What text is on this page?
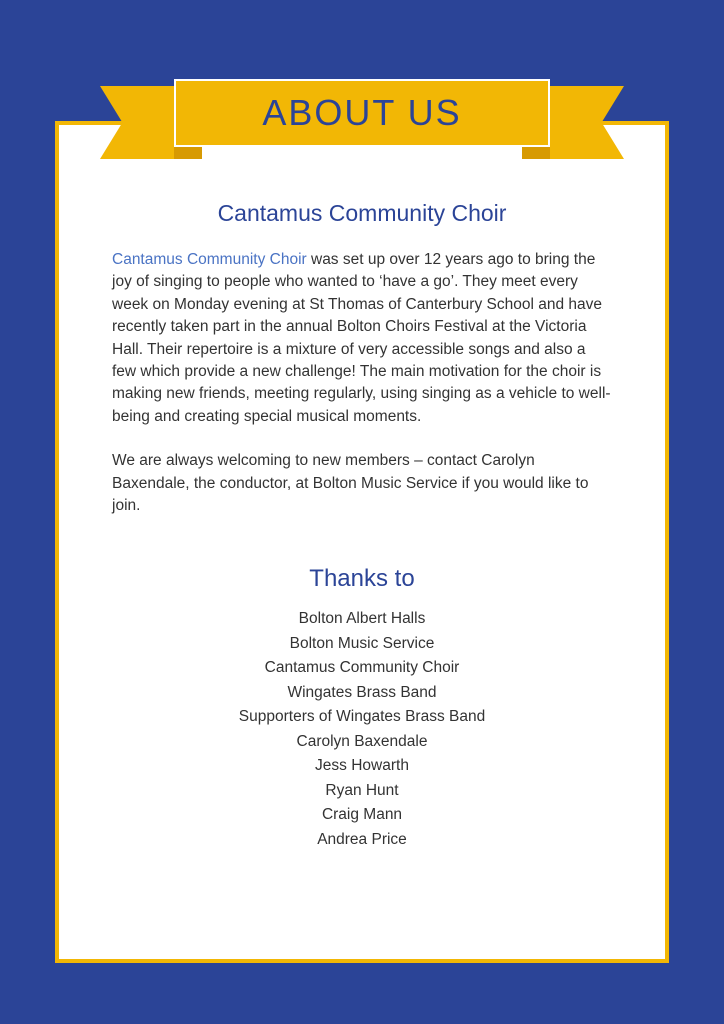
Cantamus Community Choir

Cantamus Community Choir was set up over 12 years ago to bring the joy of singing to people who wanted to ‘have a go’. They meet every week on Monday evening at St Thomas of Canterbury School and have recently taken part in the annual Bolton Choirs Festival at the Victoria Hall. Their repertoire is a mixture of very accessible songs and also a few which provide a new challenge! The main motivation for the choir is making new friends, meeting regularly, using singing as a vehicle to well-being and creating special musical moments.

We are always welcoming to new members – contact Carolyn Baxendale, the conductor, at Bolton Music Service if you would like to join.

Thanks to
Bolton Albert Halls
Bolton Music Service
Cantamus Community Choir
Wingates Brass Band
Supporters of Wingates Brass Band
Carolyn Baxendale
Jess Howarth
Ryan Hunt
Craig Mann
Andrea Price
ABOUT US
